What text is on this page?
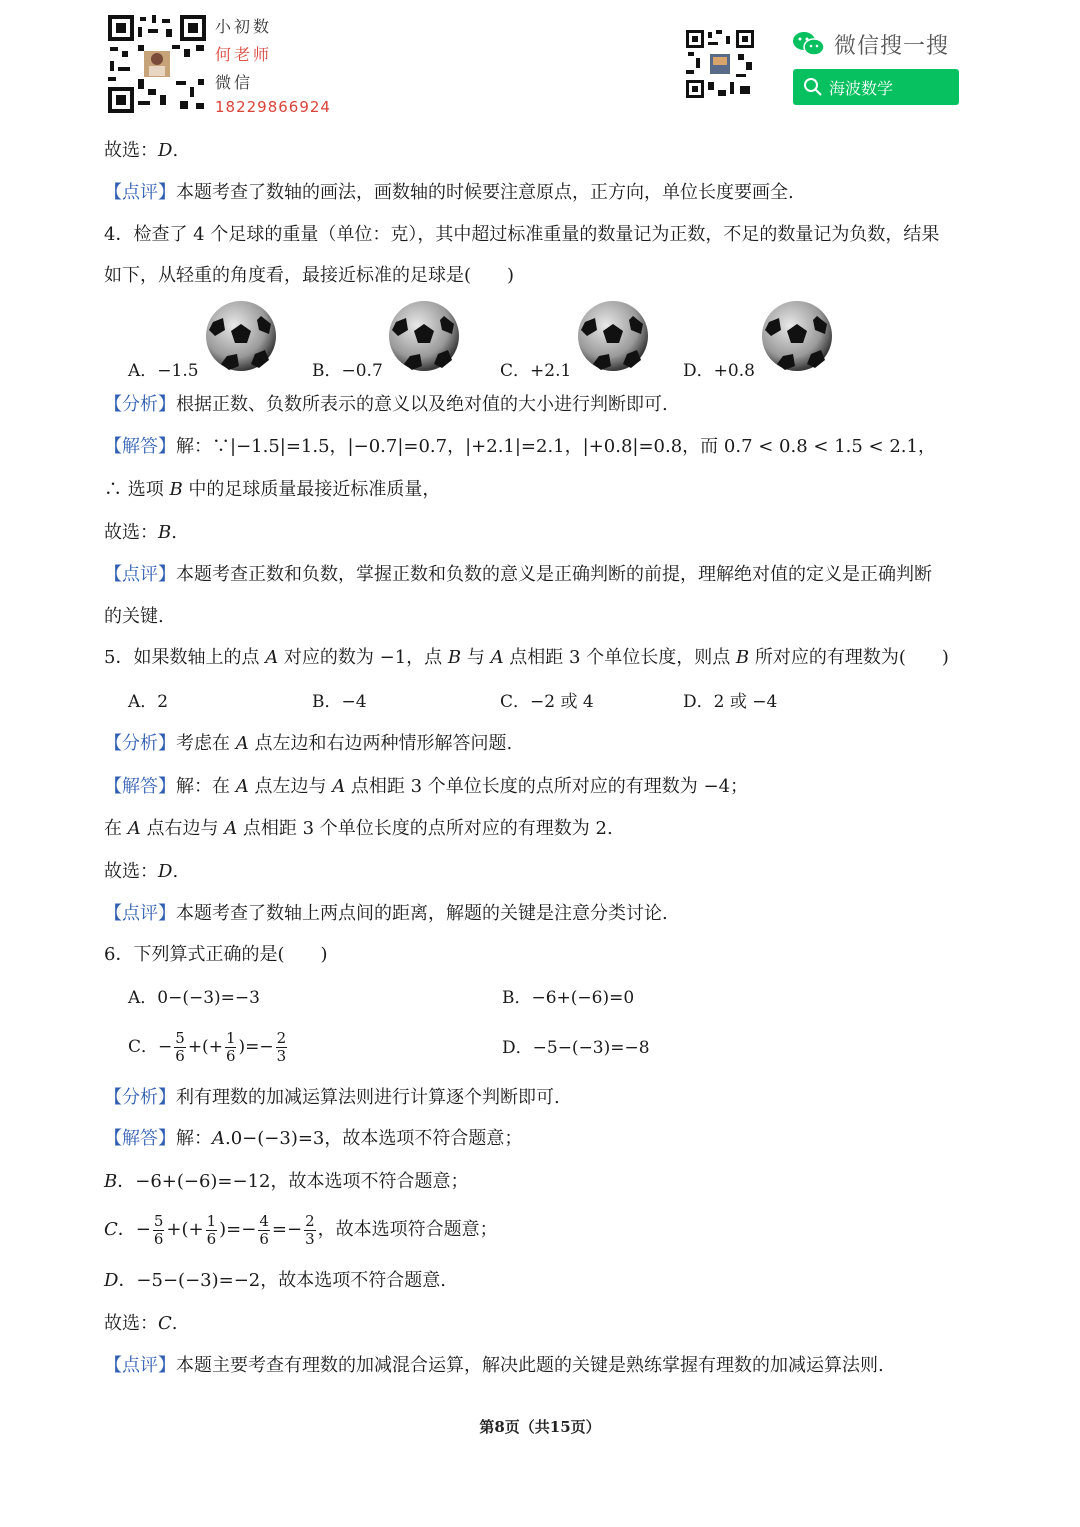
小初数
何老师
微信
18229866924
微信搜一搜
海波数学
故选：D.
【点评】本题考查了数轴的画法，画数轴的时候要注意原点，正方向，单位长度要画全.
4．检查了 4 个足球的重量（单位：克），其中超过标准重量的数量记为正数，不足的数量记为负数，结果
如下，从轻重的角度看，最接近标准的足球是(　　)
A．−1.5	B．−0.7	C．+2.1	D．+0.8
【分析】根据正数、负数所表示的意义以及绝对值的大小进行判断即可.
【解答】解：∵|−1.5|=1.5，|−0.7|=0.7，|+2.1|=2.1，|+0.8|=0.8，而 0.7 < 0.8 < 1.5 < 2.1，
∴ 选项 B 中的足球质量最接近标准质量，
故选：B.
【点评】本题考查正数和负数，掌握正数和负数的意义是正确判断的前提，理解绝对值的定义是正确判断
的关键.
5．如果数轴上的点 A 对应的数为 −1，点 B 与 A 点相距 3 个单位长度，则点 B 所对应的有理数为(　　)
A．2	B．−4	C．−2 或 4	D．2 或 −4
【分析】考虑在 A 点左边和右边两种情形解答问题.
【解答】解：在 A 点左边与 A 点相距 3 个单位长度的点所对应的有理数为 −4；
在 A 点右边与 A 点相距 3 个单位长度的点所对应的有理数为 2.
故选：D.
【点评】本题考查了数轴上两点间的距离，解题的关键是注意分类讨论.
6．下列算式正确的是(　　)
A．0−(−3)=−3	B．−6+(−6)=0
C．− $\frac{5}{6}$ +(+ $\frac{1}{6}$ )=− $\frac{2}{3}$	D．−5−(−3)=−8
【分析】利有理数的加减运算法则进行计算逐个判断即可.
【解答】解：A.0−(−3)=3，故本选项不符合题意；
B．−6+(−6)=−12，故本选项不符合题意；
C．− $\frac{5}{6}$ +(+ $\frac{1}{6}$ )=− $\frac{4}{6} =- \frac{2}{3}$ ，故本选项符合题意；
D．−5−(−3)=−2，故本选项不符合题意.
故选：C.
【点评】本题主要考查有理数的加减混合运算，解决此题的关键是熟练掌握有理数的加减运算法则.
第8页（共15页）
